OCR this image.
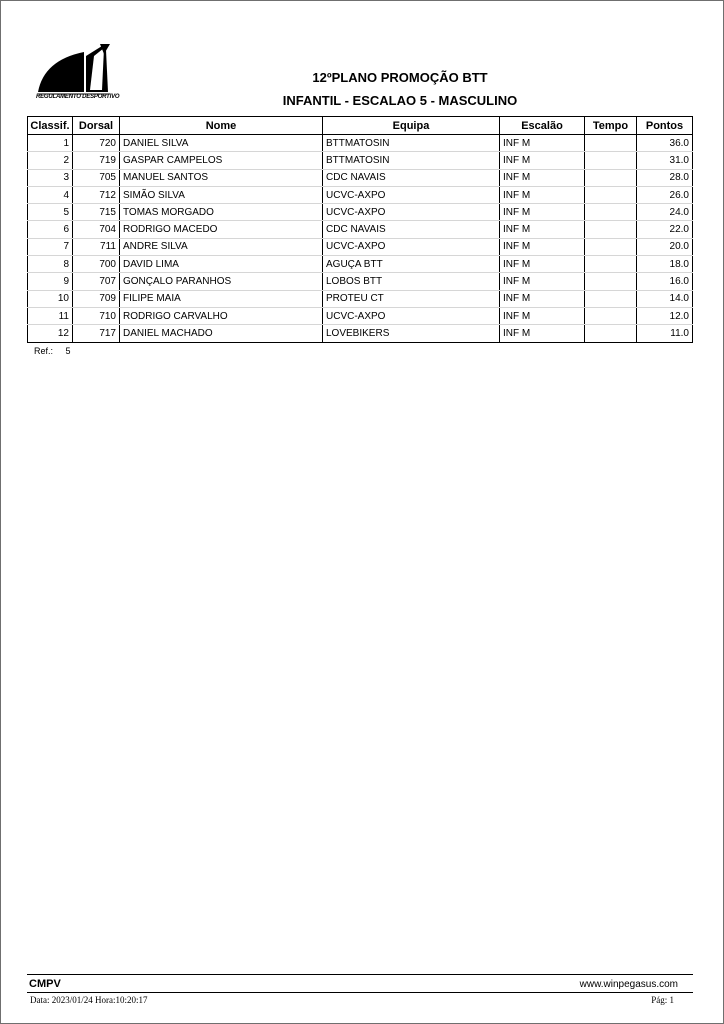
REGULAMENTO DESPORTIVO
12ºPLANO PROMOÇÃO BTT
INFANTIL - ESCALAO 5 - MASCULINO
Classif.	Dorsal	Nome	Equipa	Escalão	Tempo	Pontos
1	720	DANIEL SILVA	BTTMATOSIN	INF M		36.0
2	719	GASPAR CAMPELOS	BTTMATOSIN	INF M		31.0
3	705	MANUEL SANTOS	CDC NAVAIS	INF M		28.0
4	712	SIMÃO SILVA	UCVC-AXPO	INF M		26.0
5	715	TOMAS MORGADO	UCVC-AXPO	INF M		24.0
6	704	RODRIGO MACEDO	CDC NAVAIS	INF M		22.0
7	711	ANDRE SILVA	UCVC-AXPO	INF M		20.0
8	700	DAVID LIMA	AGUÇA BTT	INF M		18.0
9	707	GONÇALO PARANHOS	LOBOS BTT	INF M		16.0
10	709	FILIPE MAIA	PROTEU CT	INF M		14.0
11	710	RODRIGO CARVALHO	UCVC-AXPO	INF M		12.0
12	717	DANIEL MACHADO	LOVEBIKERS	INF M		11.0
Ref.: 5
CMPV	www.winpegasus.com
Data: 2023/01/24 Hora:10:20:17	Pág: 1
